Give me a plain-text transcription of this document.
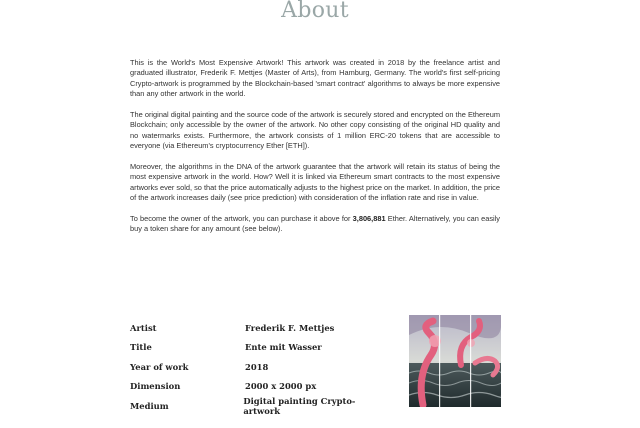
About

This is the World's Most Expensive Artwork! This artwork was created in 2018 by the freelance artist and graduated illustrator, Frederik F. Mettjes (Master of Arts), from Hamburg, Germany. The world's first self-pricing Crypto-artwork is programmed by the Blockchain-based 'smart contract' algorithms to always be more expensive than any other artwork in the world.

The original digital painting and the source code of the artwork is securely stored and encrypted on the Ethereum Blockchain; only accessible by the owner of the artwork. No other copy consisting of the original HD quality and no watermarks exists. Furthermore, the artwork consists of 1 million ERC-20 tokens that are accessible to everyone (via Ethereum's cryptocurrency Ether [ETH]).

Moreover, the algorithms in the DNA of the artwork guarantee that the artwork will retain its status of being the most expensive artwork in the world. How? Well it is linked via Ethereum smart contracts to the most expensive artworks ever sold, so that the price automatically adjusts to the highest price on the market. In addition, the price of the artwork increases daily (see price prediction) with consideration of the inflation rate and rise in value.

To become the owner of the artwork, you can purchase it above for 3,806,881 Ether. Alternatively, you can easily buy a token share for any amount (see below).

Artist	Frederik F. Mettjes
Title	Ente mit Wasser
Year of work	2018
Dimension	2000 x 2000 px
Medium	Digital painting Crypto-artwork
